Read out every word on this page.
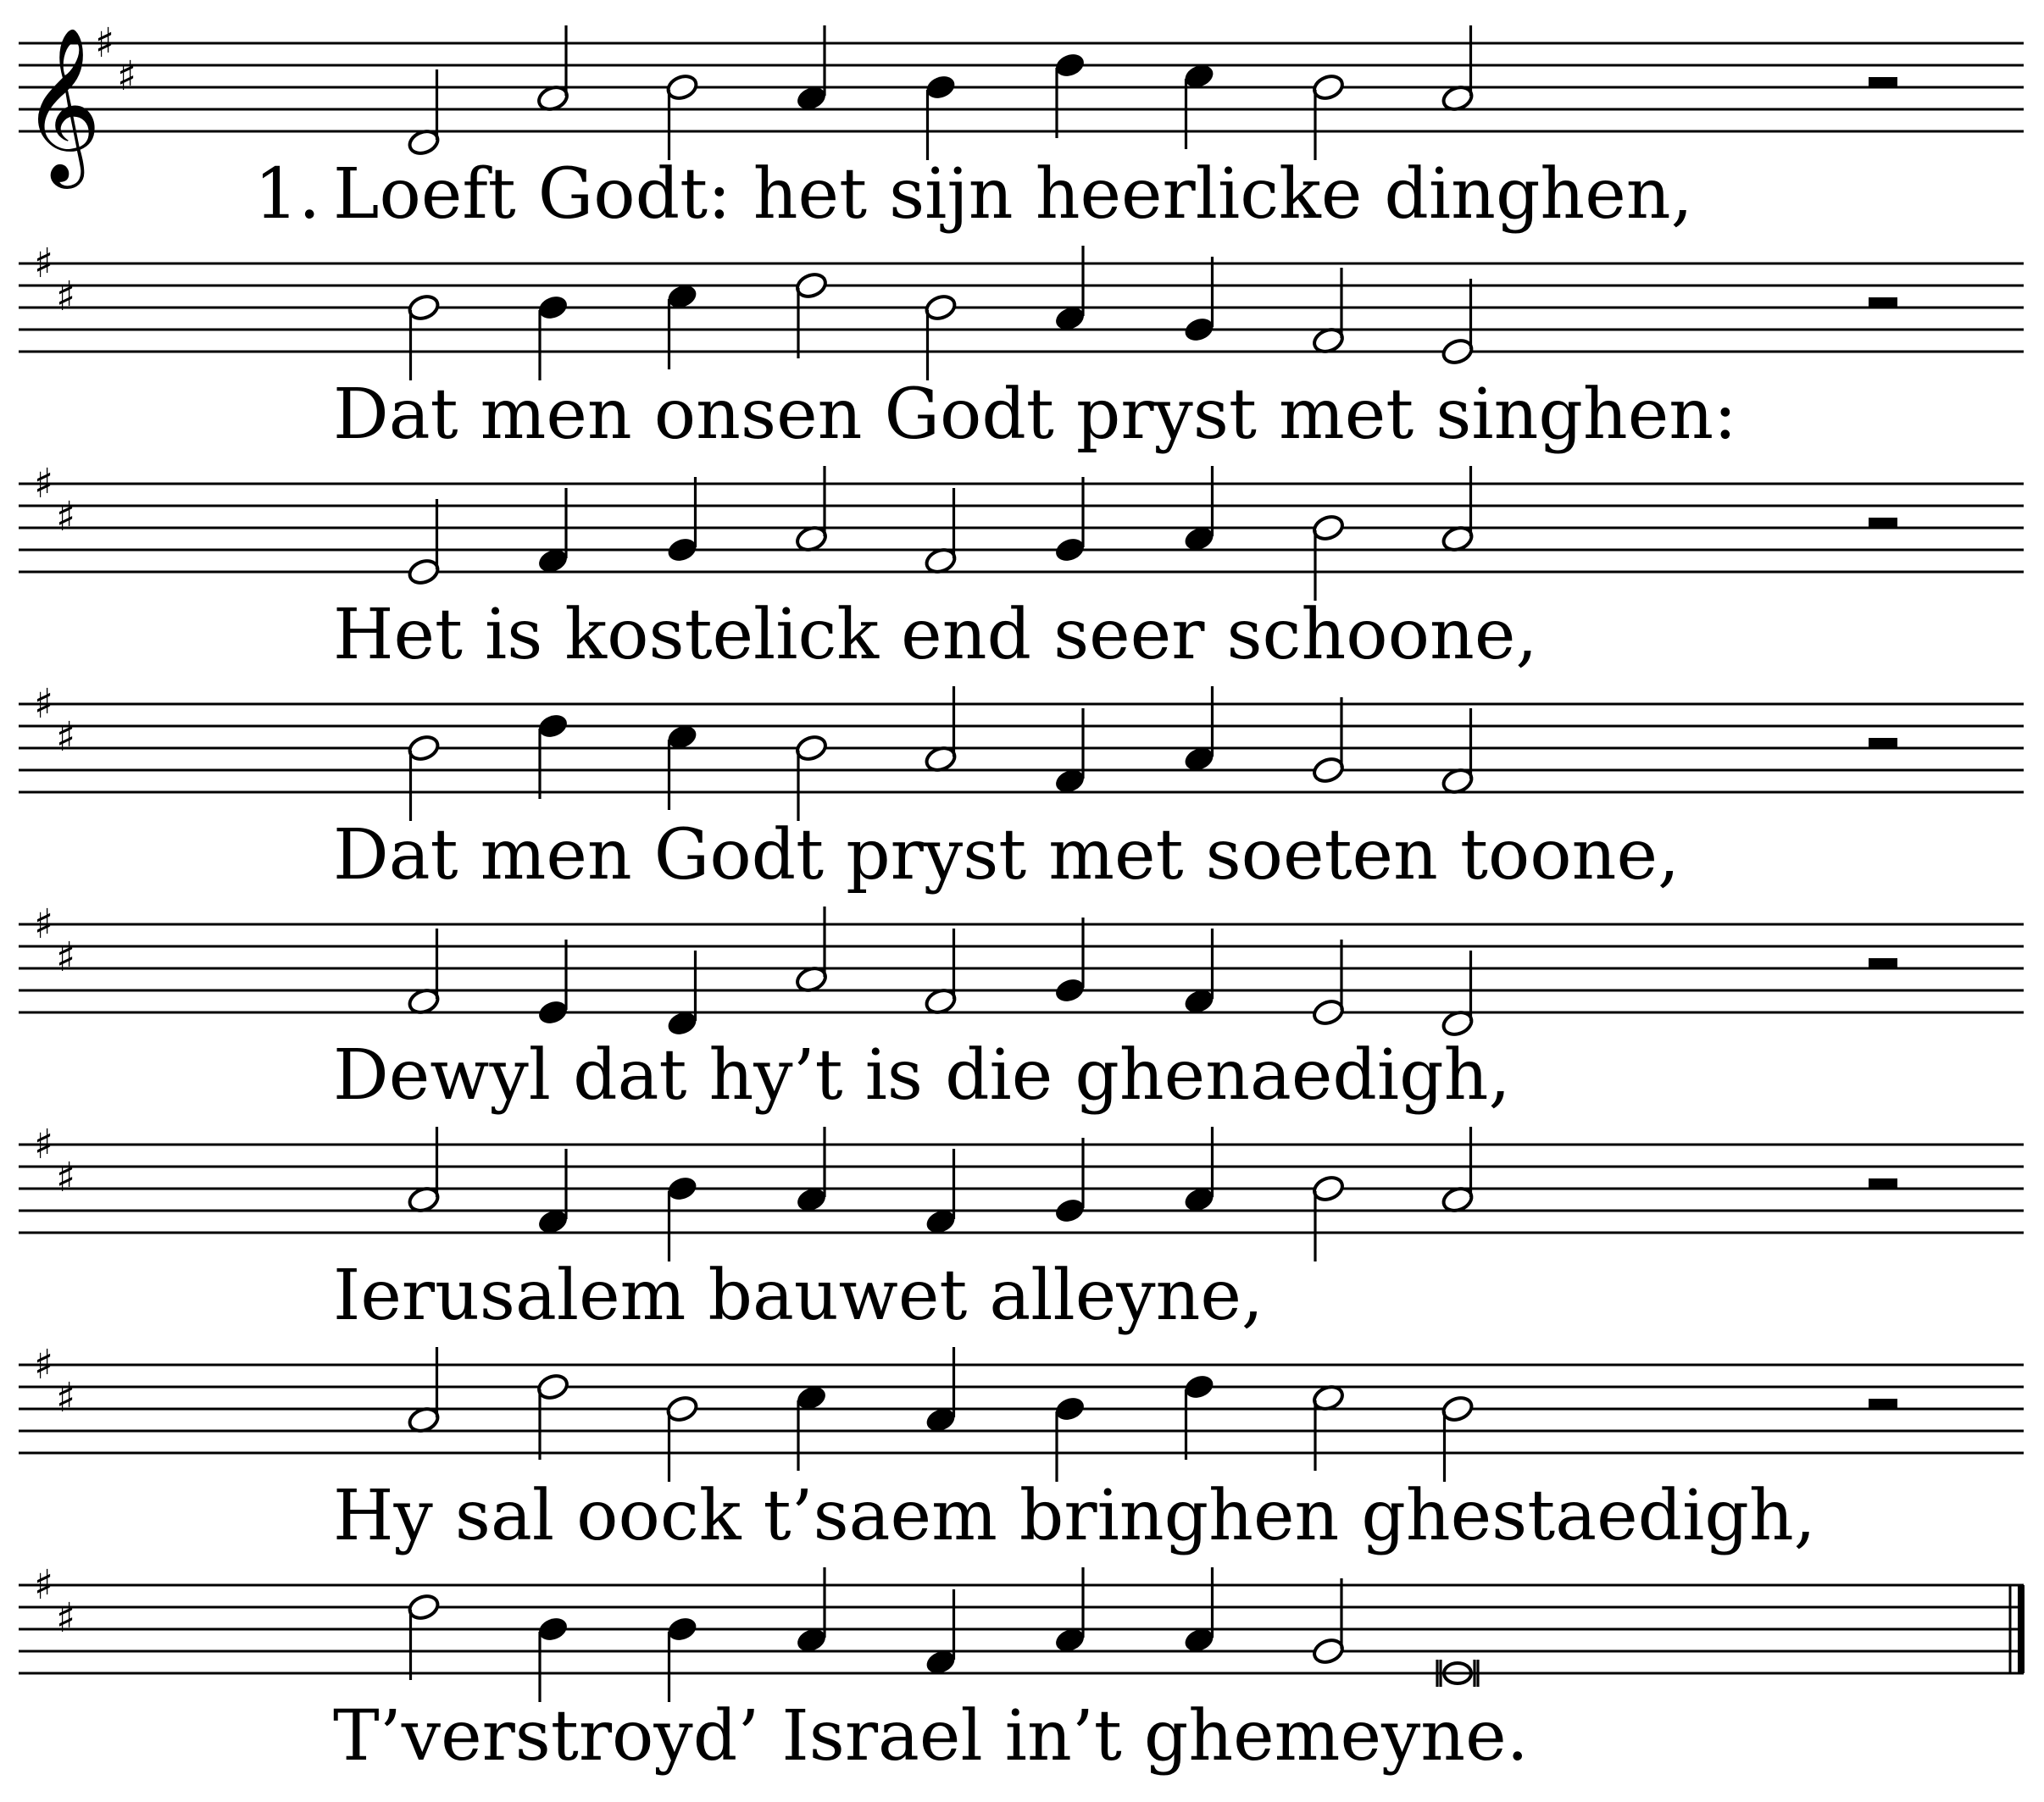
𝄞
♯
♯
♯
♯
♯
♯
♯
♯
♯
♯
♯
♯
♯
♯
♯
♯
1. Loeft Godt: het sijn heerlicke dinghen,
Dat men onsen Godt pryst met singhen:
Het is kostelick end seer schoone,
Dat men Godt pryst met soeten toone,
Dewyl dat hy’t is die ghenaedigh,
Ierusalem bauwet alleyne,
Hy sal oock t’saem bringhen ghestaedigh,
T’verstroyd’ Israel in’t ghemeyne.
